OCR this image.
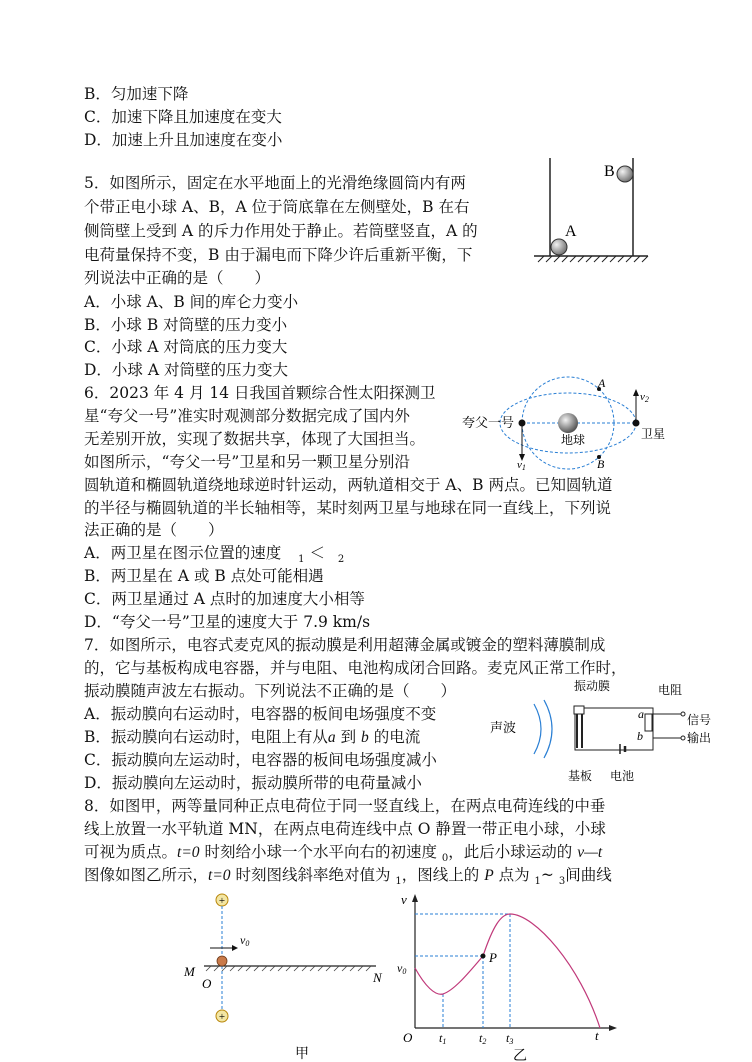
B．匀加速下降
C．加速下降且加速度在变大
D．加速上升且加速度在变小
5．如图所示，固定在水平地面上的光滑绝缘圆筒内有两
个带正电小球 A、B，A 位于筒底靠在左侧壁处，B 在右
侧筒壁上受到 A 的斥力作用处于静止。若筒壁竖直，A 的
电荷量保持不变，B 由于漏电而下降少许后重新平衡，下
列说法中正确的是（　　）
A．小球 A、B 间的库仑力变小
B．小球 B 对筒壁的压力变小
C．小球 A 对筒底的压力变大
D．小球 A 对筒壁的压力变大
6．2023 年 4 月 14 日我国首颗综合性太阳探测卫
星“夸父一号”准实时观测部分数据完成了国内外
无差别开放，实现了数据共享，体现了大国担当。
如图所示，“夸父一号”卫星和另一颗卫星分别沿
圆轨道和椭圆轨道绕地球逆时针运动，两轨道相交于 A、B 两点。已知圆轨道
的半径与椭圆轨道的半长轴相等，某时刻两卫星与地球在同一直线上，下列说
法正确的是（　　）
A．两卫星在图示位置的速度 $_1$ ＜ $_2$
B．两卫星在 A 或 B 点处可能相遇
C．两卫星通过 A 点时的加速度大小相等
D．“夸父一号”卫星的速度大于 7.9 km/s
7．如图所示，电容式麦克风的振动膜是利用超薄金属或镀金的塑料薄膜制成
的，它与基板构成电容器，并与电阻、电池构成闭合回路。麦克风正常工作时，
振动膜随声波左右振动。下列说法不正确的是（　　）
A．振动膜向右运动时，电容器的板间电场强度不变
B．振动膜向右运动时，电阻上有从a 到 b 的电流
C．振动膜向左运动时，电容器的板间电场强度减小
D．振动膜向左运动时，振动膜所带的电荷量减小
8．如图甲，两等量同种正点电荷位于同一竖直线上，在两点电荷连线的中垂
线上放置一水平轨道 MN，在两点电荷连线中点 O 静置一带正电小球，小球
可视为质点。t=0 时刻给小球一个水平向右的初速度 $_0$，此后小球运动的 v—t
图像如图乙所示，t=0 时刻图线斜率绝对值为 $_1$，图线上的 P 点为 $_1$~ $_3$间曲线
B
A
夸父一号
地球	卫星
A
B
v1
v2
声波
振动膜	电阻
信号
输出
a
b
基板 电池
+
+
v0
M
O	N
甲
v
v0
P
O	t
t1	t2 t3
乙
